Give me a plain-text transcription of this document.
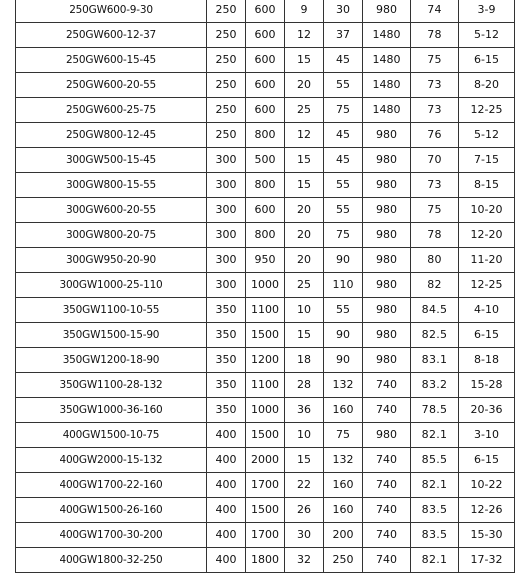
250GW600-9-30	250	600	9	30	980	74	3-9
250GW600-12-37	250	600	12	37	1480	78	5-12
250GW600-15-45	250	600	15	45	1480	75	6-15
250GW600-20-55	250	600	20	55	1480	73	8-20
250GW600-25-75	250	600	25	75	1480	73	12-25
250GW800-12-45	250	800	12	45	980	76	5-12
300GW500-15-45	300	500	15	45	980	70	7-15
300GW800-15-55	300	800	15	55	980	73	8-15
300GW600-20-55	300	600	20	55	980	75	10-20
300GW800-20-75	300	800	20	75	980	78	12-20
300GW950-20-90	300	950	20	90	980	80	11-20
300GW1000-25-110	300	1000	25	110	980	82	12-25
350GW1100-10-55	350	1100	10	55	980	84.5	4-10
350GW1500-15-90	350	1500	15	90	980	82.5	6-15
350GW1200-18-90	350	1200	18	90	980	83.1	8-18
350GW1100-28-132	350	1100	28	132	740	83.2	15-28
350GW1000-36-160	350	1000	36	160	740	78.5	20-36
400GW1500-10-75	400	1500	10	75	980	82.1	3-10
400GW2000-15-132	400	2000	15	132	740	85.5	6-15
400GW1700-22-160	400	1700	22	160	740	82.1	10-22
400GW1500-26-160	400	1500	26	160	740	83.5	12-26
400GW1700-30-200	400	1700	30	200	740	83.5	15-30
400GW1800-32-250	400	1800	32	250	740	82.1	17-32
